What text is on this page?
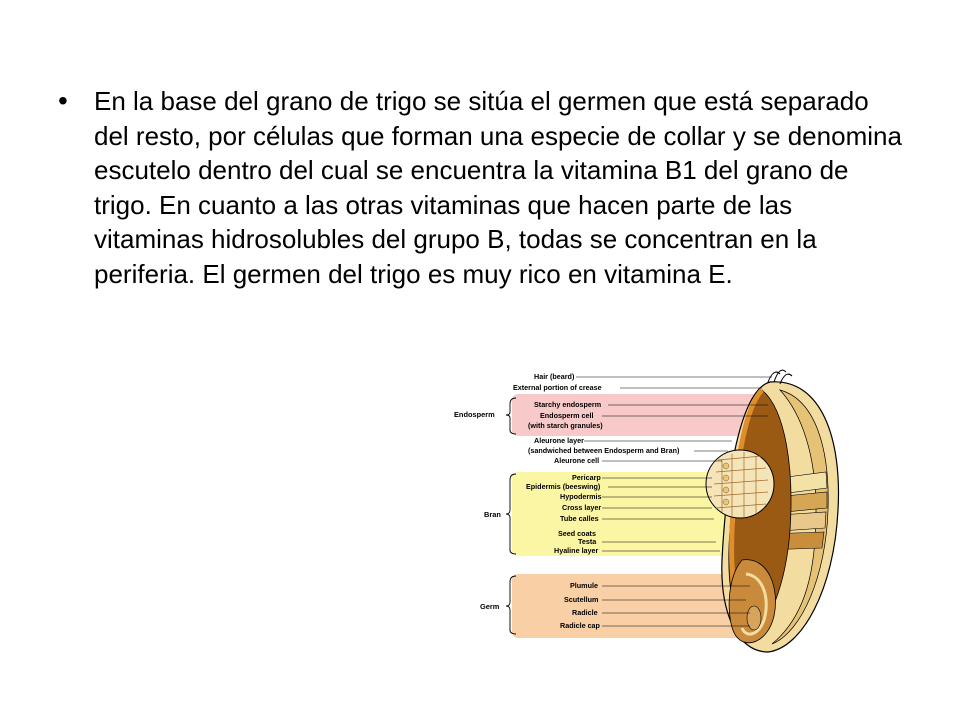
• En la base del grano de trigo se sitúa el germen que está separado del resto, por células que forman una especie de collar y se denomina escutelo dentro del cual se encuentra la vitamina B1 del grano de trigo. En cuanto a las otras vitaminas que hacen parte de las vitaminas hidrosolubles del grupo B, todas se concentran en la periferia. El germen del trigo es muy rico en vitamina E.

Endosperm
Bran
Germ
Hair (beard)
External portion of crease
Starchy endosperm
Endosperm cell
(with starch granules)
Aleurone layer
(sandwiched between Endosperm and Bran)
Aleurone cell
Pericarp
Epidermis (beeswing)
Hypodermis
Cross layer
Tube calles
Seed coats
Testa
Hyaline layer
Plumule
Scutellum
Radicle
Radicle cap
